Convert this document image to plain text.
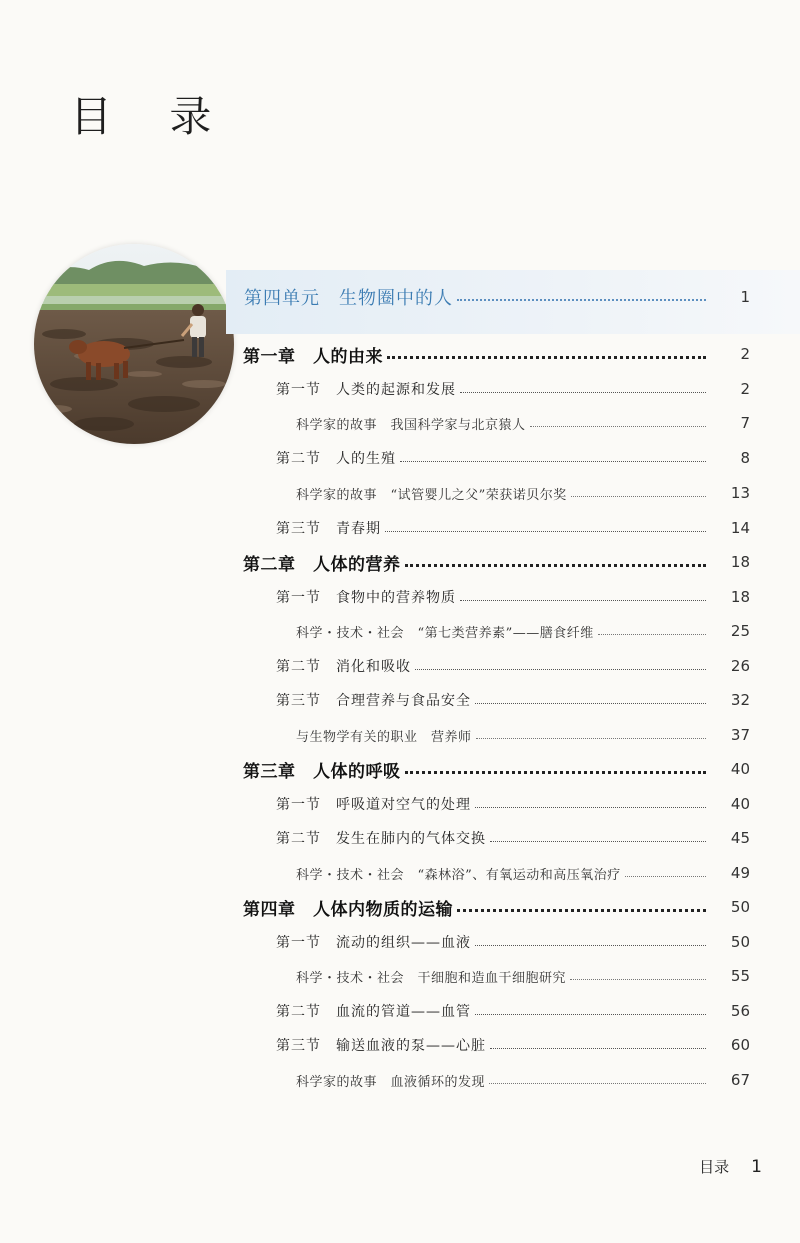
目 录
第四单元　生物圈中的人	1
第一章　人的由来	2
第一节　人类的起源和发展	2
科学家的故事　我国科学家与北京猿人	7
第二节　人的生殖	8
科学家的故事　“试管婴儿之父”荣获诺贝尔奖	13
第三节　青春期	14
第二章　人体的营养	18
第一节　食物中的营养物质	18
科学・技术・社会　“第七类营养素”——膳食纤维	25
第二节　消化和吸收	26
第三节　合理营养与食品安全	32
与生物学有关的职业　营养师	37
第三章　人体的呼吸	40
第一节　呼吸道对空气的处理	40
第二节　发生在肺内的气体交换	45
科学・技术・社会　“森林浴”、有氧运动和高压氧治疗	49
第四章　人体内物质的运输	50
第一节　流动的组织——血液	50
科学・技术・社会　干细胞和造血干细胞研究	55
第二节　血流的管道——血管	56
第三节　输送血液的泵——心脏	60
科学家的故事　血液循环的发现	67
目录 1
